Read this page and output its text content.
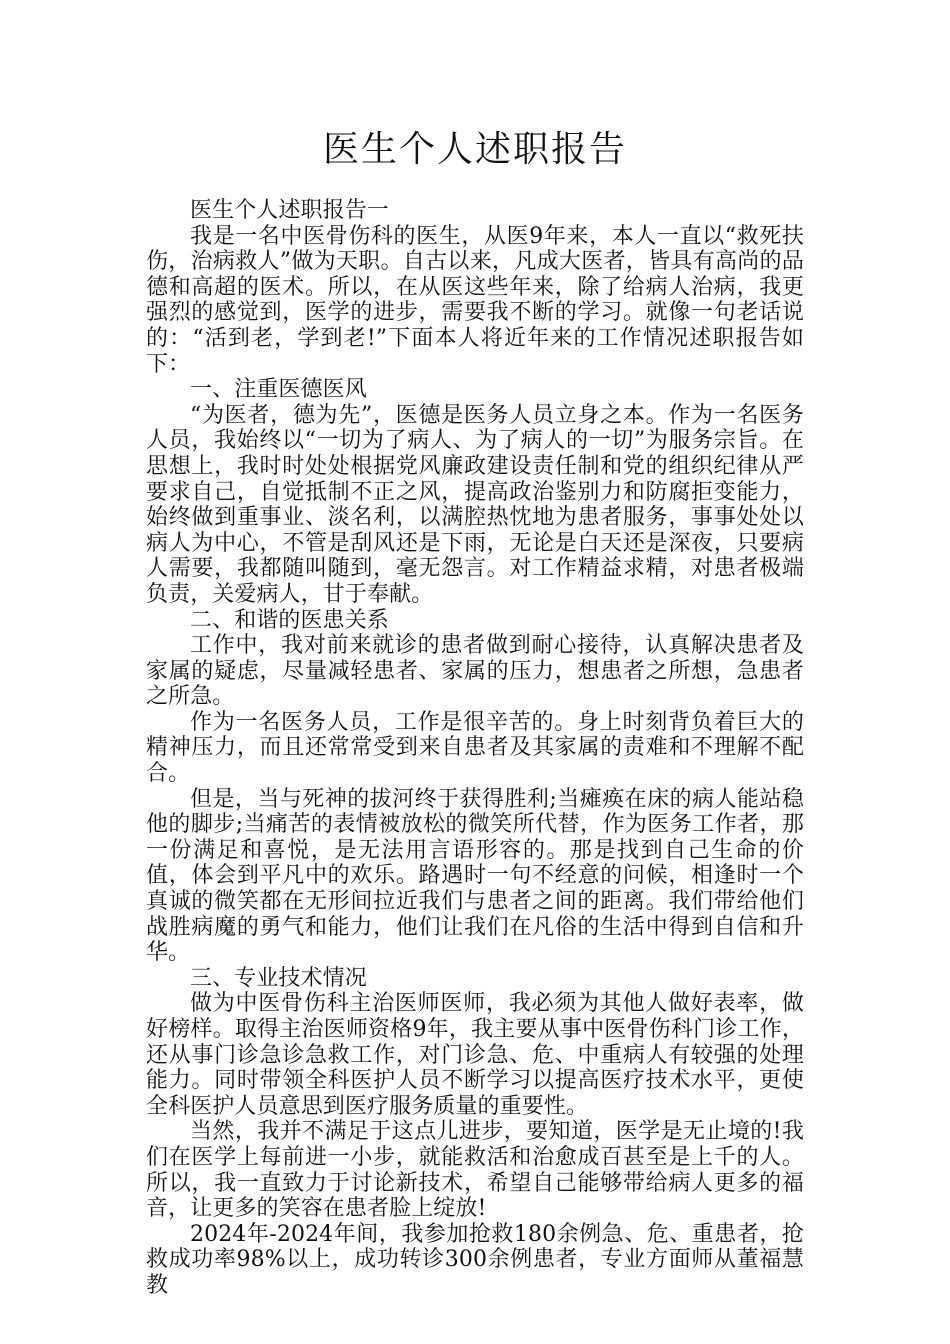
医生个人述职报告

医生个人述职报告一

我是一名中医骨伤科的医生，从医9年来，本人一直以“救死扶伤，治病救人”做为天职。自古以来，凡成大医者，皆具有高尚的品德和高超的医术。所以，在从医这些年来，除了给病人治病，我更强烈的感觉到，医学的进步，需要我不断的学习。就像一句老话说的：“活到老，学到老!”下面本人将近年来的工作情况述职报告如下：

一、注重医德医风

“为医者，德为先”，医德是医务人员立身之本。作为一名医务人员，我始终以“一切为了病人、为了病人的一切”为服务宗旨。在思想上，我时时处处根据党风廉政建设责任制和党的组织纪律从严要求自己，自觉抵制不正之风，提高政治鉴别力和防腐拒变能力，始终做到重事业、淡名利，以满腔热忱地为患者服务，事事处处以病人为中心，不管是刮风还是下雨，无论是白天还是深夜，只要病人需要，我都随叫随到，毫无怨言。对工作精益求精，对患者极端负责，关爱病人，甘于奉献。

二、和谐的医患关系

工作中，我对前来就诊的患者做到耐心接待，认真解决患者及家属的疑虑，尽量减轻患者、家属的压力，想患者之所想，急患者之所急。

作为一名医务人员，工作是很辛苦的。身上时刻背负着巨大的精神压力，而且还常常受到来自患者及其家属的责难和不理解不配合。

但是，当与死神的拔河终于获得胜利;当瘫痪在床的病人能站稳他的脚步;当痛苦的表情被放松的微笑所代替，作为医务工作者，那一份满足和喜悦，是无法用言语形容的。那是找到自己生命的价值，体会到平凡中的欢乐。路遇时一句不经意的问候，相逢时一个真诚的微笑都在无形间拉近我们与患者之间的距离。我们带给他们战胜病魔的勇气和能力，他们让我们在凡俗的生活中得到自信和升华。

三、专业技术情况

做为中医骨伤科主治医师医师，我必须为其他人做好表率，做好榜样。取得主治医师资格9年，我主要从事中医骨伤科门诊工作，还从事门诊急诊急救工作，对门诊急、危、中重病人有较强的处理能力。同时带领全科医护人员不断学习以提高医疗技术水平，更使全科医护人员意思到医疗服务质量的重要性。

当然，我并不满足于这点儿进步，要知道，医学是无止境的!我们在医学上每前进一小步，就能救活和治愈成百甚至是上千的人。所以，我一直致力于讨论新技术，希望自己能够带给病人更多的福音，让更多的笑容在患者脸上绽放!

2024年-2024年间，我参加抢救180余例急、危、重患者，抢救成功率98%以上，成功转诊300余例患者，专业方面师从董福慧教
